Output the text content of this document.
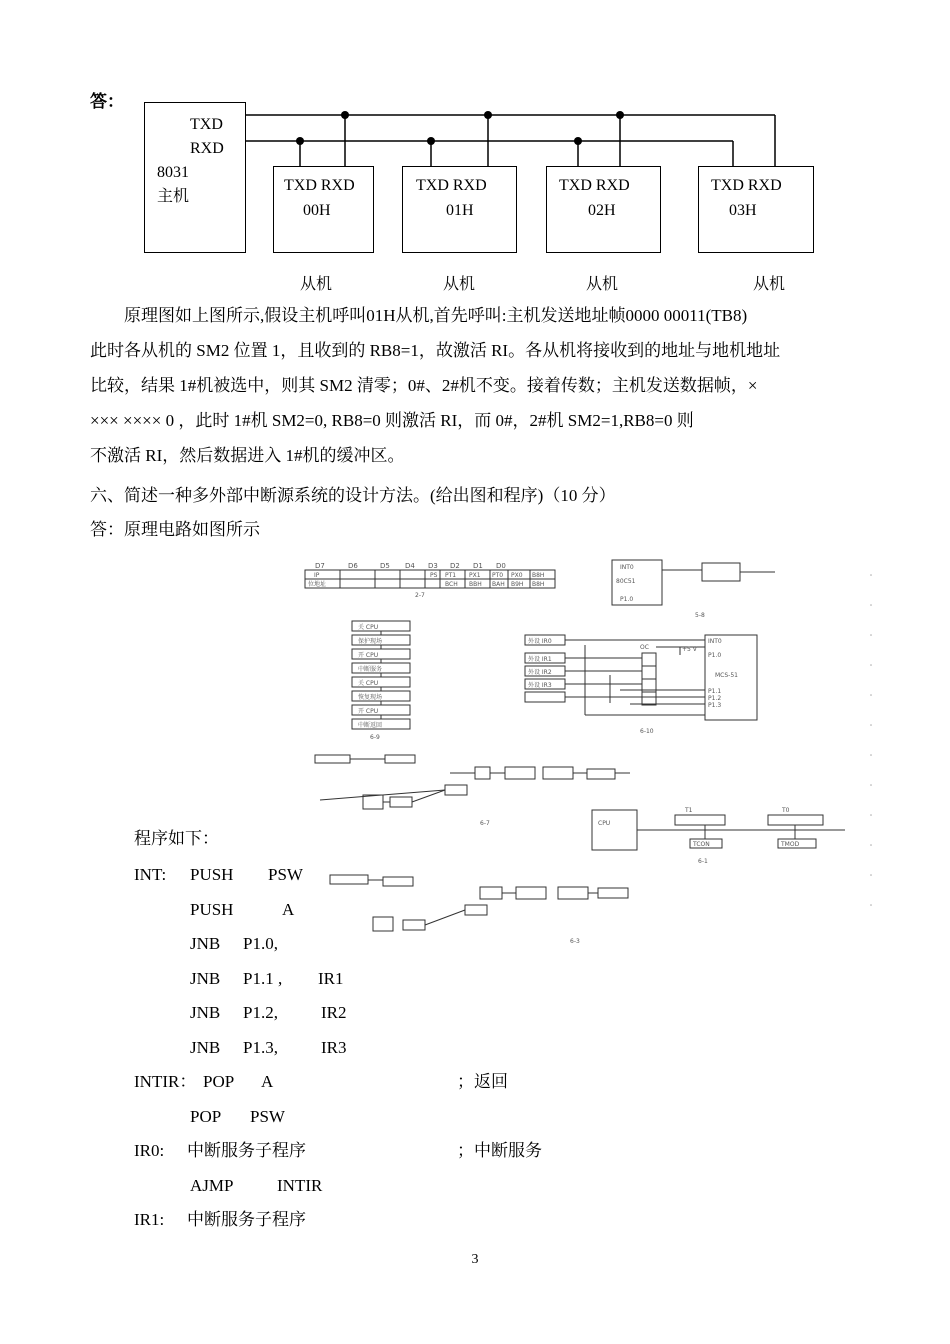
答：
TXD
RXD
8031
主机
TXD RXD
00H
TXD RXD
01H
TXD RXD
02H
TXD RXD
03H
从机	从机	从机	从机
原理图如上图所示,假设主机呼叫01H从机,首先呼叫:主机发送地址帧0000 00011(TB8)
此时各从机的 SM2 位置 1，且收到的 RB8=1，故激活 RI。各从机将接收到的地址与地机地址
比较，结果 1#机被选中，则其 SM2 清零；0#、2#机不变。接着传数；主机发送数据帧，×
××× ×××× 0 ，此时 1#机 SM2=0, RB8=0 则激活 RI，而 0#，2#机 SM2=1,RB8=0 则
不激活 RI，然后数据进入 1#机的缓冲区。
六、简述一种多外部中断源系统的设计方法。(给出图和程序)（10 分）
答：原理电路如图所示
D7	D6	D5 D4 D3 D2 D1 D0
IP
位地址
PS PT1 PX1 PT0 PX0 B8H
BCH BBH BAH B9H B8H
2-7
INT0
80C51
P1.0
5-8
关 CPU
保护现场
开 CPU
中断服务
关 CPU
恢复现场
开 CPU
中断返回
6-9
外设 IR0
外设 IR1
外设 IR2
外设 IR3
INT0
P1.0
MCS-51
P1.1
P1.2
P1.3
OC	+5 V
6-10
6-7	CPU
T1	T0
TCON	TMOD
6-1
6-3
程序如下：
INT: PUSH PSW
PUSH	A
JNB P1.0,
JNB P1.1 , IR1
JNB P1.2,	IR2
JNB P1.3,	IR3
INTIR： POP A	；返回
POP PSW
IR0: 中断服务子程序	；中断服务
AJMP	INTIR
IR1: 中断服务子程序
3
